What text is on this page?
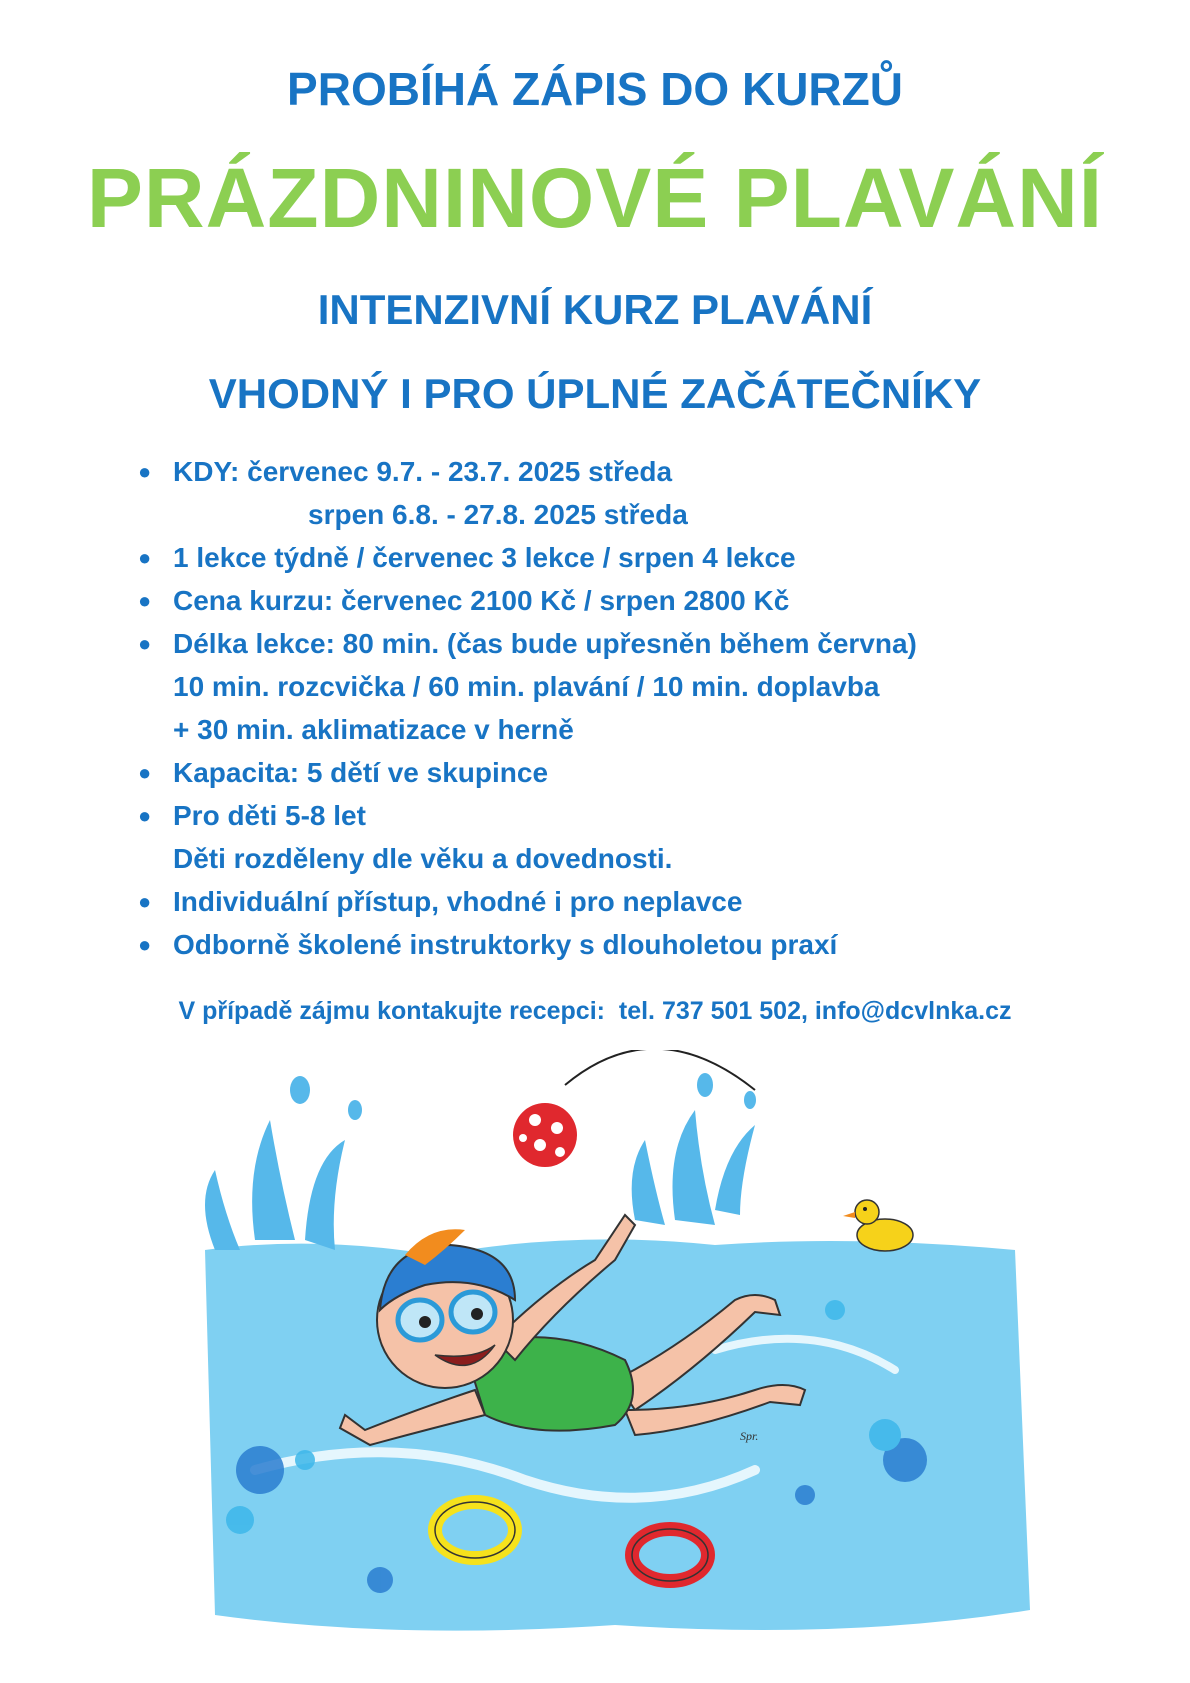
PROBÍHÁ ZÁPIS DO KURZŮ
PRÁZDNINOVÉ PLAVÁNÍ
INTENZIVNÍ KURZ PLAVÁNÍ
VHODNÝ I PRO ÚPLNÉ ZAČÁTEČNÍKY
● KDY: červenec 9.7. - 23.7. 2025 středa
srpen 6.8. - 27.8. 2025 středa
● 1 lekce týdně / červenec 3 lekce / srpen 4 lekce
● Cena kurzu: červenec 2100 Kč / srpen 2800 Kč
● Délka lekce: 80 min. (čas bude upřesněn během června)
10 min. rozcvička / 60 min. plavání / 10 min. doplavba
+ 30 min. aklimatizace v herně
● Kapacita: 5 dětí ve skupince
● Pro děti 5-8 let
Děti rozděleny dle věku a dovednosti.
● Individuální přístup, vhodné i pro neplavce
● Odborně školené instruktorky s dlouholetou praxí
V případě zájmu kontakujte recepci:  tel. 737 501 502, info@dcvlnka.cz
Spr.
